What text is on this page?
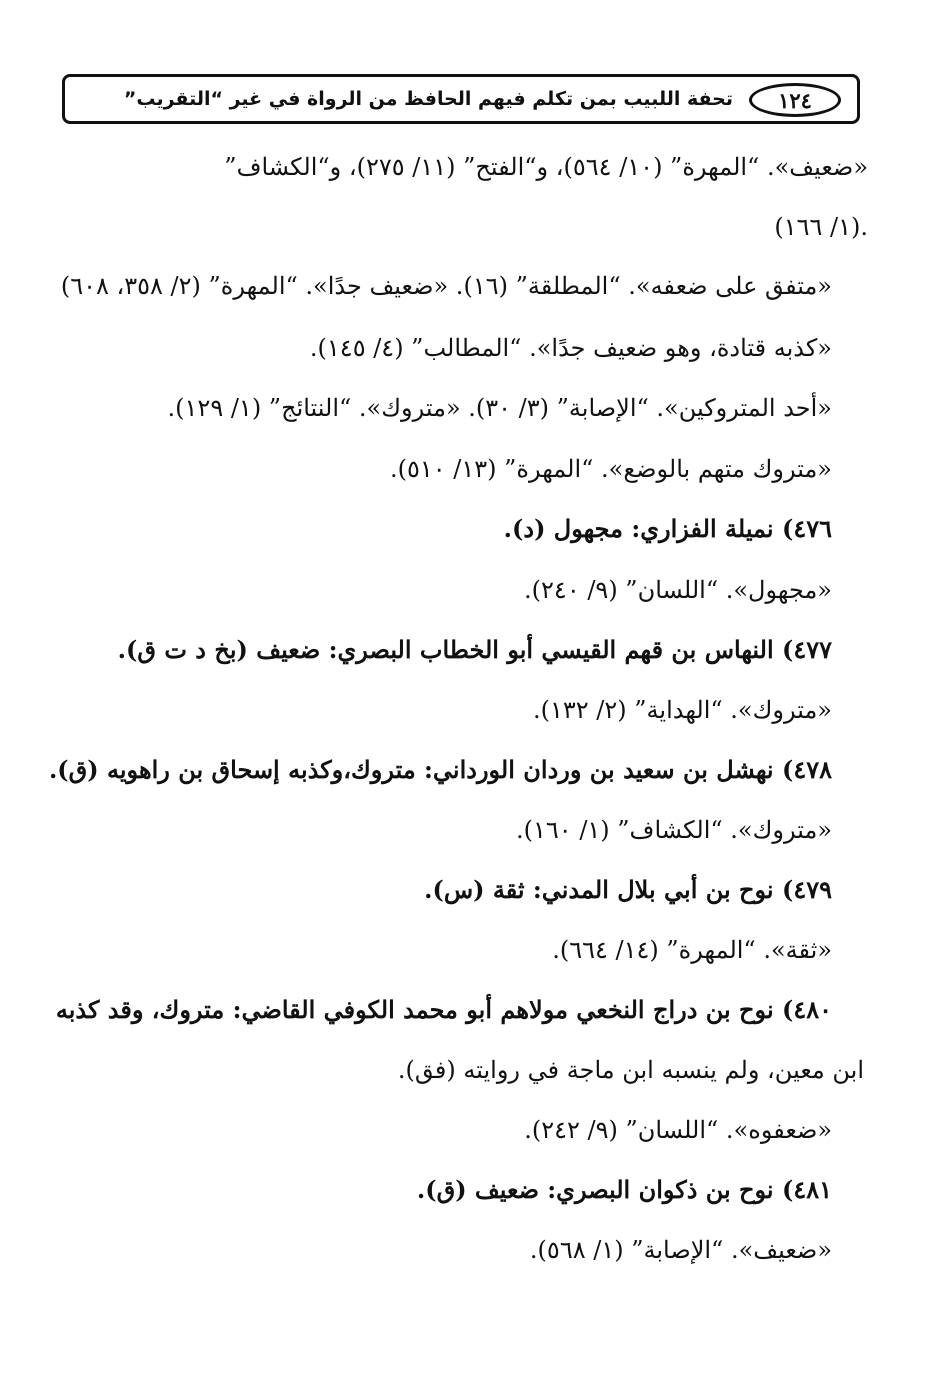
١٢٤
تحفة اللبيب بمن تكلم فيهم الحافظ من الرواة في غير “التقريب”
«ضعيف». “المهرة” (١٠/ ٥٦٤)، و“الفتح” (١١/ ٢٧٥)، و“الكشاف”
(١/ ١٦٦).
«متفق على ضعفه». “المطلقة” (١٦). «ضعيف جدًا». “المهرة” (٢/ ٣٥٨، ٦٠٨)
«كذبه قتادة، وهو ضعيف جدًا». “المطالب” (٤/ ١٤٥).
«أحد المتروكين». “الإصابة” (٣/ ٣٠). «متروك». “النتائج” (١/ ١٢٩).
«متروك متهم بالوضع». “المهرة” (١٣/ ٥١٠).
٤٧٦) نميلة الفزاري: مجهول (د).
«مجهول». “اللسان” (٩/ ٢٤٠).
٤٧٧) النهاس بن قهم القيسي أبو الخطاب البصري: ضعيف (بخ د ت ق).
«متروك». “الهداية” (٢/ ١٣٢).
٤٧٨) نهشل بن سعيد بن وردان الورداني: متروك،وكذبه إسحاق بن راهويه (ق).
«متروك». “الكشاف” (١/ ١٦٠).
٤٧٩) نوح بن أبي بلال المدني: ثقة (س).
«ثقة». “المهرة” (١٤/ ٦٦٤).
٤٨٠) نوح بن دراج النخعي مولاهم أبو محمد الكوفي القاضي: متروك، وقد كذبه
ابن معين، ولم ينسبه ابن ماجة في روايته (فق).
«ضعفوه». “اللسان” (٩/ ٢٤٢).
٤٨١) نوح بن ذكوان البصري: ضعيف (ق).
«ضعيف». “الإصابة” (١/ ٥٦٨).
